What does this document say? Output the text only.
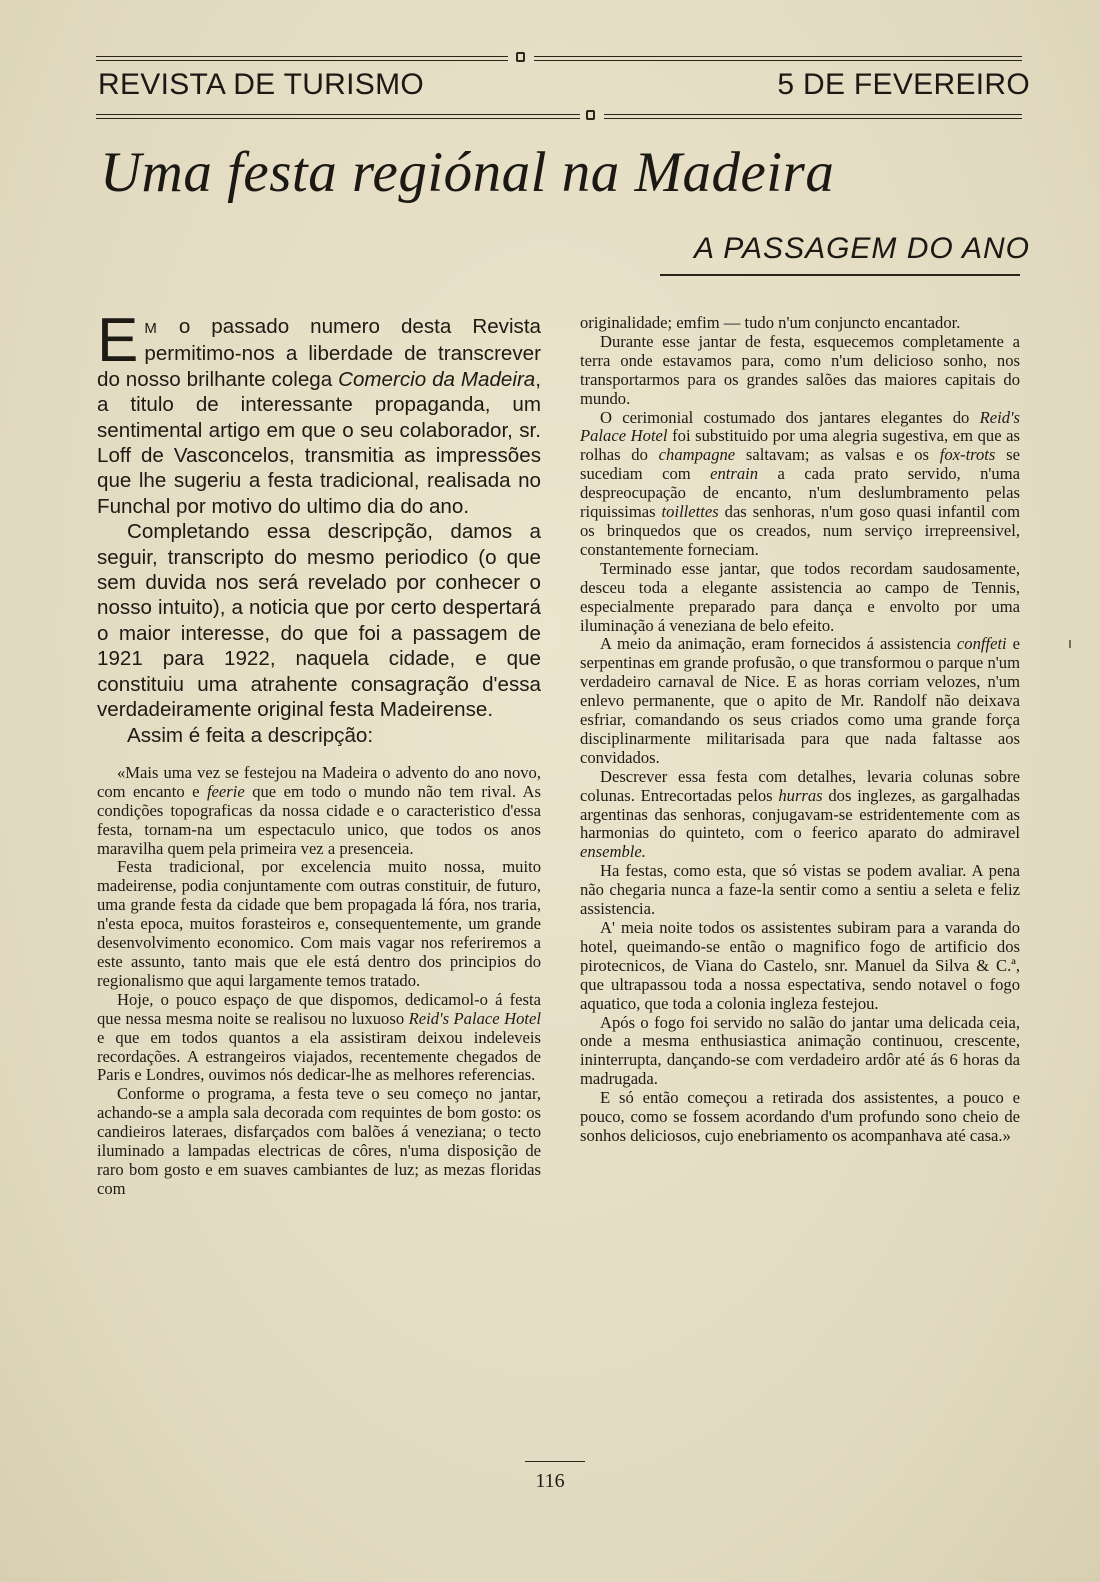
REVISTA DE TURISMO	5 DE FEVEREIRO
Uma festa regiónal na Madeira
A PASSAGEM DO ANO

E M o passado numero desta Revista permitimo-nos a liberdade de transcrever do nosso brilhante colega Comercio da Madeira, a titulo de interessante propaganda, um sentimental artigo em que o seu colaborador, sr. Loff de Vasconcelos, transmitia as impressões que lhe sugeriu a festa tradicional, realisada no Funchal por motivo do ultimo dia do ano.

Completando essa descripção, damos a seguir, transcripto do mesmo periodico (o que sem duvida nos será revelado por conhecer o nosso intuito), a noticia que por certo despertará o maior interesse, do que foi a passagem de 1921 para 1922, naquela cidade, e que constituiu uma atrahente consagração d'essa verdadeiramente original festa Madeirense.

Assim é feita a descripção:

«Mais uma vez se festejou na Madeira o advento do ano novo, com encanto e feerie que em todo o mundo não tem rival. As condições topograficas da nossa cidade e o caracteristico d'essa festa, tornam-na um espectaculo unico, que todos os anos maravilha quem pela primeira vez a presenceia.

Festa tradicional, por excelencia muito nossa, muito madeirense, podia conjuntamente com outras constituir, de futuro, uma grande festa da cidade que bem propagada lá fóra, nos traria, n'esta epoca, muitos forasteiros e, consequentemente, um grande desenvolvimento economico. Com mais vagar nos referiremos a este assunto, tanto mais que ele está dentro dos principios do regionalismo que aqui largamente temos tratado.

Hoje, o pouco espaço de que dispomos, dedicamol-o á festa que nessa mesma noite se realisou no luxuoso Reid's Palace Hotel e que em todos quantos a ela assistiram deixou indeleveis recordações. A estrangeiros viajados, recentemente chegados de Paris e Londres, ouvimos nós dedicar-lhe as melhores referencias.

Conforme o programa, a festa teve o seu começo no jantar, achando-se a ampla sala decorada com requintes de bom gosto: os candieiros lateraes, disfarçados com balões á veneziana; o tecto iluminado a lampadas electricas de côres, n'uma disposição de raro bom gosto e em suaves cambiantes de luz; as mezas floridas com

originalidade; emfim — tudo n'um conjuncto encantador.

Durante esse jantar de festa, esquecemos completamente a terra onde estavamos para, como n'um delicioso sonho, nos transportarmos para os grandes salões das maiores capitais do mundo.

O cerimonial costumado dos jantares elegantes do Reid's Palace Hotel foi substituido por uma alegria sugestiva, em que as rolhas do champagne saltavam; as valsas e os fox-trots se sucediam com entrain a cada prato servido, n'uma despreocupação de encanto, n'um deslumbramento pelas riquissimas toillettes das senhoras, n'um goso quasi infantil com os brinquedos que os creados, num serviço irrepreensivel, constantemente forneciam.

Terminado esse jantar, que todos recordam saudosamente, desceu toda a elegante assistencia ao campo de Tennis, especialmente preparado para dança e envolto por uma iluminação á veneziana de belo efeito.

A meio da animação, eram fornecidos á assistencia conffeti e serpentinas em grande profusão, o que transformou o parque n'um verdadeiro carnaval de Nice. E as horas corriam velozes, n'um enlevo permanente, que o apito de Mr. Randolf não deixava esfriar, comandando os seus criados como uma grande força disciplinarmente militarisada para que nada faltasse aos convidados.

Descrever essa festa com detalhes, levaria colunas sobre colunas. Entrecortadas pelos hurras dos inglezes, as gargalhadas argentinas das senhoras, conjugavam-se estridentemente com as harmonias do quinteto, com o feerico aparato do admiravel ensemble.

Ha festas, como esta, que só vistas se podem avaliar. A pena não chegaria nunca a faze-la sentir como a sentiu a seleta e feliz assistencia.

A' meia noite todos os assistentes subiram para a varanda do hotel, queimando-se então o magnifico fogo de artificio dos pirotecnicos, de Viana do Castelo, snr. Manuel da Silva & C.ª, que ultrapassou toda a nossa espectativa, sendo notavel o fogo aquatico, que toda a colonia ingleza festejou.

Após o fogo foi servido no salão do jantar uma delicada ceia, onde a mesma enthusiastica animação continuou, crescente, ininterrupta, dançando-se com verdadeiro ardôr até ás 6 horas da madrugada.

E só então começou a retirada dos assistentes, a pouco e pouco, como se fossem acordando d'um profundo sono cheio de sonhos deliciosos, cujo enebriamento os acompanhava até casa.»

116
